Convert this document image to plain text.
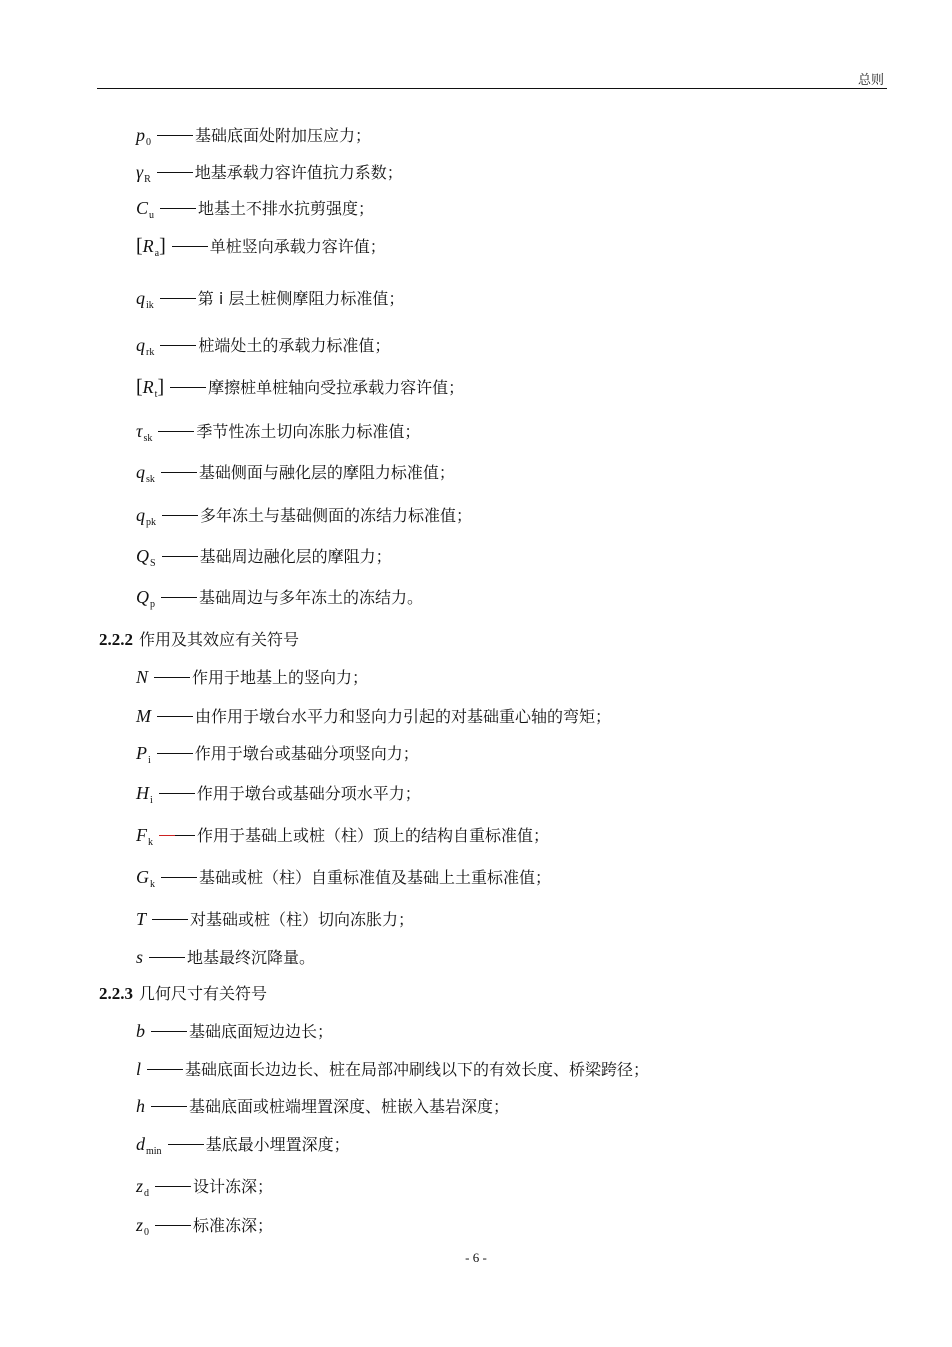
总则
$p_0$	基础底面处附加压应力；
$\gamma_R$	地基承载力容许值抗力系数；
$C_u$	地基土不排水抗剪强度；
$[R_a]$	单桩竖向承载力容许值；
$q_{ik}$	第 i 层土桩侧摩阻力标准值；
$q_{rk}$	桩端处土的承载力标准值；
$[R_t]$	摩擦桩单桩轴向受拉承载力容许值；
$\tau_{sk}$	季节性冻土切向冻胀力标准值；
$q_{sk}$	基础侧面与融化层的摩阻力标准值；
$q_{pk}$	多年冻土与基础侧面的冻结力标准值；
$Q_S$	基础周边融化层的摩阻力；
$Q_p$	基础周边与多年冻土的冻结力。
N	作用于地基上的竖向力；
M	由作用于墩台水平力和竖向力引起的对基础重心轴的弯矩；
$P_i$	作用于墩台或基础分项竖向力；
$H_i$	作用于墩台或基础分项水平力；
$F_k$	作用于基础上或桩（柱）顶上的结构自重标准值；
$G_k$	基础或桩（柱）自重标准值及基础上土重标准值；
T	对基础或桩（柱）切向冻胀力；
s	地基最终沉降量。
b	基础底面短边边长；
l	基础底面长边边长、桩在局部冲刷线以下的有效长度、桥梁跨径；
h	基础底面或桩端埋置深度、桩嵌入基岩深度；
$d_{min}$	基底最小埋置深度；
$z_d$	设计冻深；
$z_0$	标准冻深；
2.2.2 作用及其效应有关符号
2.2.3 几何尺寸有关符号
- 6 -
